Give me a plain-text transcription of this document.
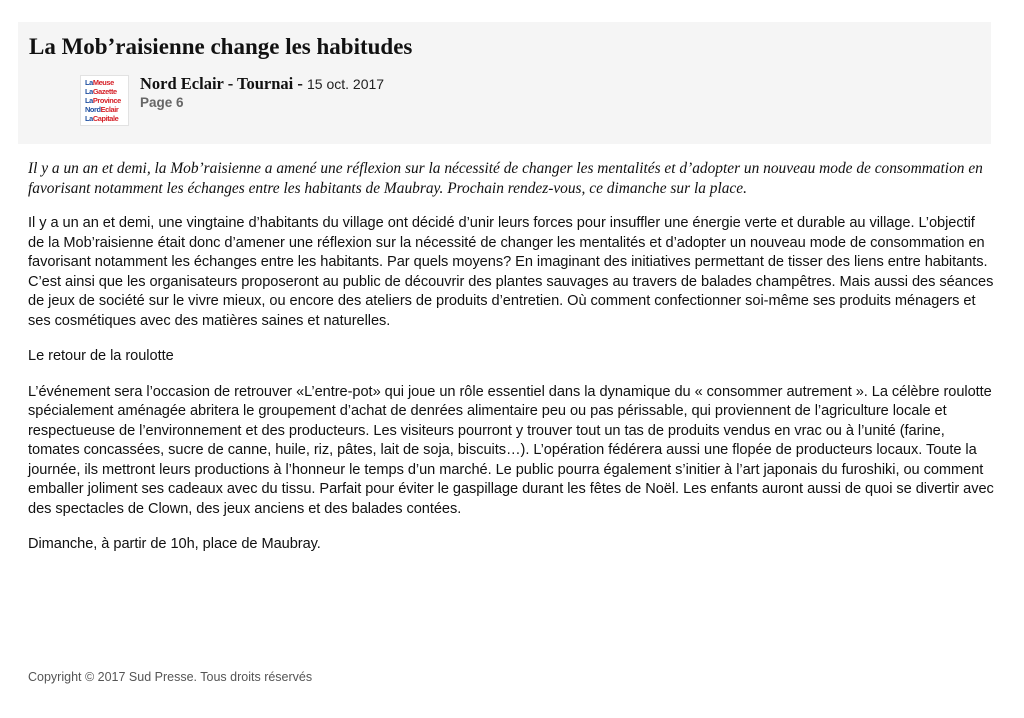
La Mob’raisienne change les habitudes
LaMeuse
LaGazette
LaProvince
NordEclair
LaCapitale
Nord Eclair - Tournai - 15 oct. 2017
Page 6

Il y a un an et demi, la Mob’raisienne a amené une réflexion sur la nécessité de changer les mentalités et d’adopter un nouveau mode de consommation en favorisant notamment les échanges entre les habitants de Maubray. Prochain rendez-vous, ce dimanche sur la place.

Il y a un an et demi, une vingtaine d’habitants du village ont décidé d’unir leurs forces pour insuffler une énergie verte et durable au village. L’objectif de la Mob’raisienne était donc d’amener une réflexion sur la nécessité de changer les mentalités et d’adopter un nouveau mode de consommation en favorisant notamment les échanges entre les habitants. Par quels moyens? En imaginant des initiatives permettant de tisser des liens entre habitants. C’est ainsi que les organisateurs proposeront au public de découvrir des plantes sauvages au travers de balades champêtres. Mais aussi des séances de jeux de société sur le vivre mieux, ou encore des ateliers de produits d’entretien. Où comment confectionner soi-même ses produits ménagers et ses cosmétiques avec des matières saines et naturelles.

Le retour de la roulotte

L’événement sera l’occasion de retrouver «L’entre-pot» qui joue un rôle essentiel dans la dynamique du « consommer autrement ». La célèbre roulotte spécialement aménagée abritera le groupement d’achat de denrées alimentaire peu ou pas périssable, qui proviennent de l’agriculture locale et respectueuse de l’environnement et des producteurs. Les visiteurs pourront y trouver tout un tas de produits vendus en vrac ou à l’unité (farine, tomates concassées, sucre de canne, huile, riz, pâtes, lait de soja, biscuits…). L’opération fédérera aussi une flopée de producteurs locaux. Toute la journée, ils mettront leurs productions à l’honneur le temps d’un marché. Le public pourra également s’initier à l’art japonais du furoshiki, ou comment emballer joliment ses cadeaux avec du tissu. Parfait pour éviter le gaspillage durant les fêtes de Noël. Les enfants auront aussi de quoi se divertir avec des spectacles de Clown, des jeux anciens et des balades contées.

Dimanche, à partir de 10h, place de Maubray.

Copyright © 2017 Sud Presse. Tous droits réservés
